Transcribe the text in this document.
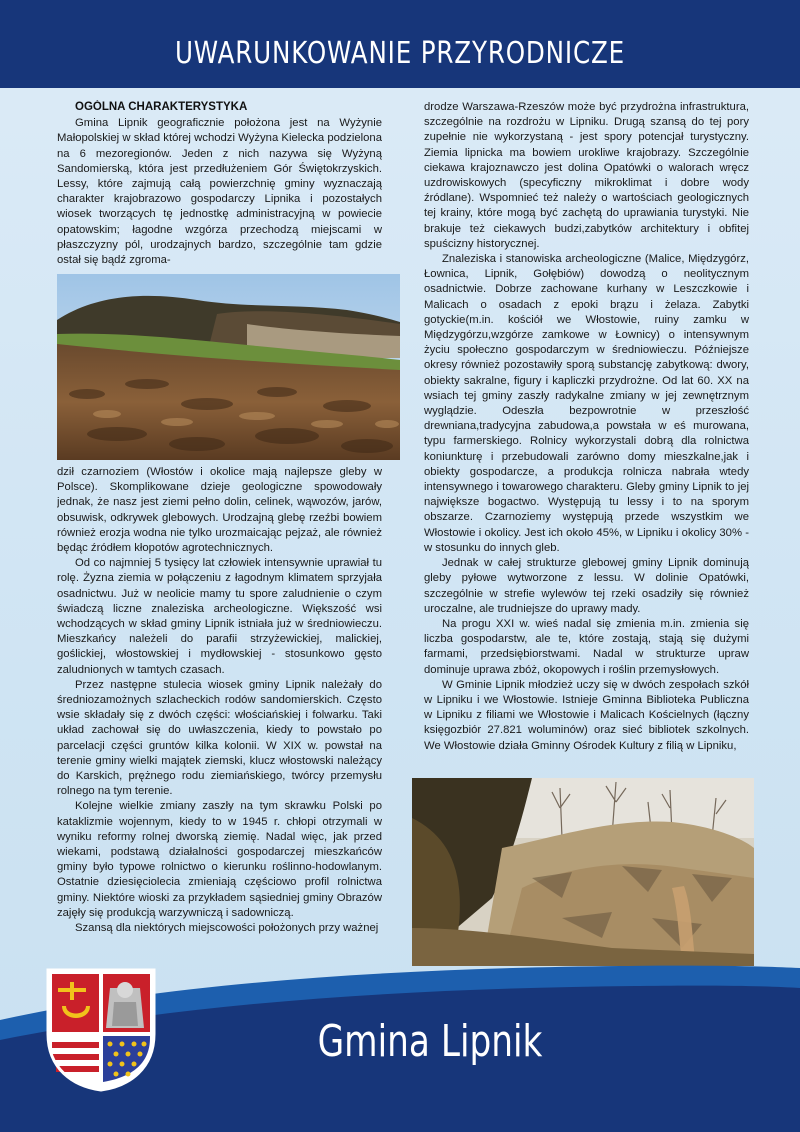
UWARUNKOWANIE PRZYRODNICZE
OGÓLNA CHARAKTERYSTYKA

Gmina Lipnik geograficznie położona jest na Wyżynie Małopolskiej w skład której wchodzi Wyżyna Kielecka podzielona na 6 mezoregionów. Jeden z nich nazywa się Wyżyną Sandomierską, która jest przedłużeniem Gór Świętokrzyskich. Lessy, które zajmują całą powierzchnię gminy wyznaczają charakter krajobrazowo gospodarczy Lipnika i pozostałych wiosek tworzących tę jednostkę administracyjną w powiecie opatowskim; łagodne wzgórza przechodzą miejscami w płaszczyzny pól, urodzajnych bardzo, szczególnie tam gdzie ostał się bądź zgroma-

dził czarnoziem (Włostów i okolice mają najlepsze gleby w Polsce). Skomplikowane dzieje geologiczne spowodowały jednak, że nasz jest ziemi pełno dolin, celinek, wąwozów, jarów, obsuwisk, odkrywek glebowych. Urodzajną glebę rzeźbi bowiem również erozja wodna nie tylko urozmaicając pejzaż, ale również będąc źródłem kłopotów agrotechnicznych.

Od co najmniej 5 tysięcy lat człowiek intensywnie uprawiał tu rolę. Żyzna ziemia w połączeniu z łagodnym klimatem sprzyjała osadnictwu. Już w neolicie mamy tu spore zaludnienie o czym świadczą liczne znaleziska archeologiczne. Większość wsi wchodzących w skład gminy Lipnik istniała już w średniowieczu. Mieszkańcy należeli do parafii strzyżewickiej, malickiej, goślickiej, włostowskiej i mydłowskiej - stosunkowo gęsto zaludnionych w tamtych czasach.

Przez następne stulecia wiosek gminy Lipnik należały do średniozamożnych szlacheckich rodów sandomierskich. Często wsie składały się z dwóch części: włościańskiej i folwarku. Taki układ zachował się do uwłaszczenia, kiedy to powstało po parcelacji części gruntów kilka kolonii. W XIX w. powstał na terenie gminy wielki majątek ziemski, klucz włostowski należący do Karskich, prężnego rodu ziemiańskiego, twórcy przemysłu rolnego na tym terenie.

Kolejne wielkie zmiany zaszły na tym skrawku Polski po kataklizmie wojennym, kiedy to w 1945 r. chłopi otrzymali w wyniku reformy rolnej dworską ziemię. Nadal więc, jak przed wiekami, podstawą działalności gospodarczej mieszkańców gminy było typowe rolnictwo o kierunku roślinno-hodowlanym. Ostatnie dziesięciolecia zmieniają częściowo profil rolnictwa gminy. Niektóre wioski za przykładem sąsiedniej gminy Obrazów zajęły się produkcją warzywniczą i sadowniczą.

Szansą dla niektórych miejscowości położonych przy ważnej

drodze Warszawa-Rzeszów może być przydrożna infrastruktura, szczególnie na rozdrożu w Lipniku. Drugą szansą do tej pory zupełnie nie wykorzystaną - jest spory potencjał turystyczny. Ziemia lipnicka ma bowiem urokliwe krajobrazy. Szczególnie ciekawa krajoznawczo jest dolina Opatówki o walorach wręcz uzdrowiskowych (specyficzny mikroklimat i dobre wody źródlane). Wspomnieć też należy o wartościach geologicznych tej krainy, które mogą być zachętą do uprawiania turystyki. Nie brakuje też ciekawych budzi,zabytków architektury i obfitej spuścizny historycznej.

Znaleziska i stanowiska archeologiczne (Malice, Międzygórz, Łownica, Lipnik, Gołębiów) dowodzą o neolitycznym osadnictwie. Dobrze zachowane kurhany w Leszczkowie i Malicach o osadach z epoki brązu i żelaza. Zabytki gotyckie(m.in. kościół we Włostowie, ruiny zamku w Międzygórzu,wzgórze zamkowe w Łownicy) o intensywnym życiu społeczno gospodarczym w średniowieczu. Późniejsze okresy również pozostawiły sporą substancję zabytkową: dwory, obiekty sakralne, figury i kapliczki przydrożne. Od lat 60. XX na wsiach tej gminy zaszły radykalne zmiany w jej zewnętrznym wyglądzie. Odeszła bezpowrotnie w przeszłość drewniana,tradycyjna zabudowa,a powstała w eś murowana, typu farmerskiego. Rolnicy wykorzystali dobrą dla rolnictwa koniunkturę i przebudowali zarówno domy mieszkalne,jak i obiekty gospodarcze, a produkcja rolnicza nabrała wtedy intensywnego i towarowego charakteru. Gleby gminy Lipnik to jej największe bogactwo. Występują tu lessy i to na sporym obszarze. Czarnoziemy występują przede wszystkim we Włostowie i okolicy. Jest ich około 45%, w Lipniku i okolicy 30% - w stosunku do innych gleb.

Jednak w całej strukturze glebowej gminy Lipnik dominują gleby pyłowe wytworzone z lessu. W dolinie Opatówki, szczególnie w strefie wylewów tej rzeki osadziły się również uroczalne, ale trudniejsze do uprawy mady.

Na progu XXI w. wieś nadal się zmienia m.in. zmienia się liczba gospodarstw, ale te, które zostają, stają się dużymi farmami, przedsiębiorstwami. Nadal w strukturze upraw dominuje uprawa zbóż, okopowych i roślin przemysłowych.

W Gminie Lipnik młodzież uczy się w dwóch zespołach szkół w Lipniku i we Włostowie. Istnieje Gminna Biblioteka Publiczna w Lipniku z filiami we Włostowie i Malicach Kościelnych (łączny księgozbiór 27.821 woluminów) oraz sieć bibliotek szkolnych. We Włostowie działa Gminny Ośrodek Kultury z filią w Lipniku,

Gmina Lipnik
